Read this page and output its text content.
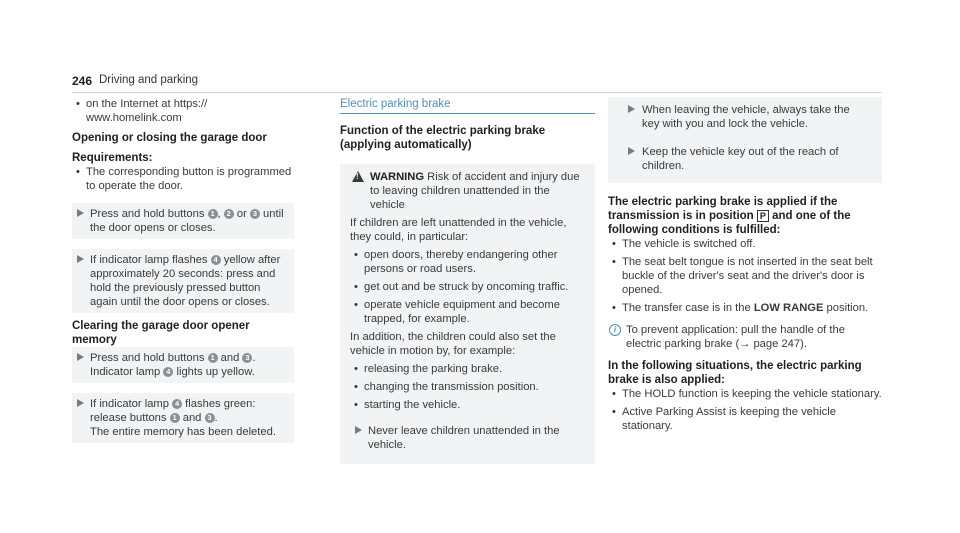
246 Driving and parking
• on the Internet at https://
www.homelink.com
Opening or closing the garage door
Requirements:
• The corresponding button is programmed to operate the door.
Press and hold buttons 1 , 2 or 3 until the door opens or closes.
If indicator lamp flashes 4 yellow after approximately 20 seconds: press and hold the previously pressed button again until the door opens or closes.
Clearing the garage door opener memory
Press and hold buttons 1 and 3 .
Indicator lamp 4 lights up yellow.
If indicator lamp 4 flashes green: release buttons 1 and 3 .
The entire memory has been deleted.
Electric parking brake
Function of the electric parking brake (applying automatically)
!
WARNING Risk of accident and injury due to leaving children unattended in the vehicle
If children are left unattended in the vehicle, they could, in particular:
• open doors, thereby endangering other persons or road users.
• get out and be struck by oncoming traffic.
• operate vehicle equipment and become trapped, for example.
In addition, the children could also set the vehicle in motion by, for example:
• releasing the parking brake.
• changing the transmission position.
• starting the vehicle.
Never leave children unattended in the vehicle.
When leaving the vehicle, always take the key with you and lock the vehicle.
Keep the vehicle key out of the reach of children.
The electric parking brake is applied if the transmission is in position P and one of the following conditions is fulfilled:
• The vehicle is switched off.
• The seat belt tongue is not inserted in the seat belt buckle of the driver's seat and the driver's door is opened.
• The transfer case is in the LOW RANGE position.
i To prevent application: pull the handle of the electric parking brake (→ page 247).
In the following situations, the electric parking brake is also applied:
• The HOLD function is keeping the vehicle stationary.
• Active Parking Assist is keeping the vehicle stationary.
